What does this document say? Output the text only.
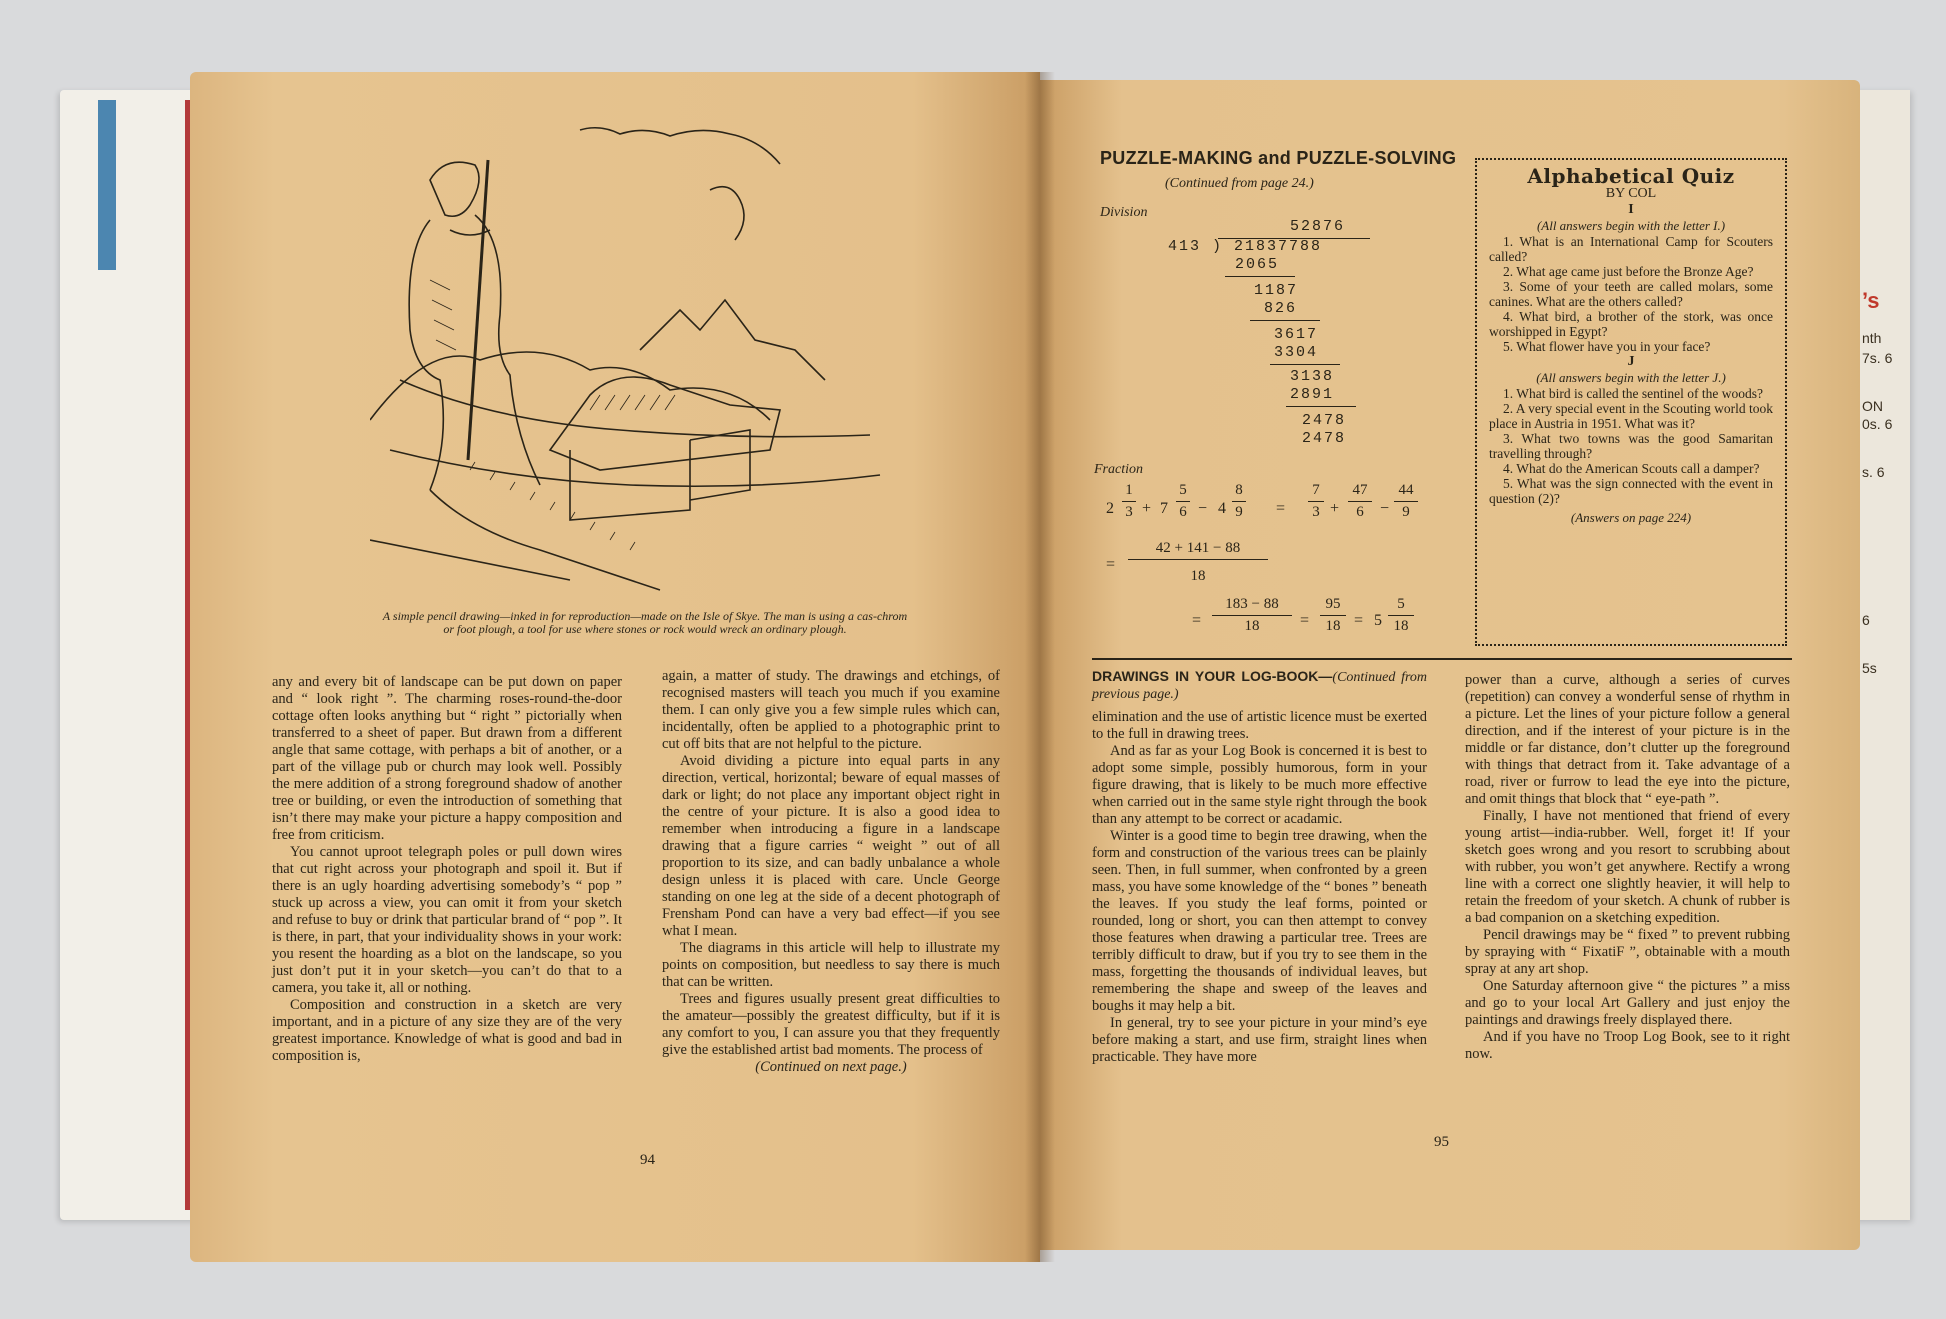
’s
nth
7s. 6
ON
0s. 6
s. 6
6
5s
A simple pencil drawing—inked in for reproduction—made on the Isle of Skye. The man is using a cas-chrom or foot plough, a tool for use where stones or rock would wreck an ordinary plough.

any and every bit of landscape can be put down on paper and “ look right ”. The charming roses-round-the-door cottage often looks anything but “ right ” pictorially when transferred to a sheet of paper. But drawn from a different angle that same cottage, with perhaps a bit of another, or a part of the village pub or church may look well. Possibly the mere addition of a strong foreground shadow of another tree or building, or even the introduction of something that isn’t there may make your picture a happy composition and free from criticism.

You cannot uproot telegraph poles or pull down wires that cut right across your photograph and spoil it. But if there is an ugly hoarding advertising somebody’s “ pop ” stuck up across a view, you can omit it from your sketch and refuse to buy or drink that particular brand of “ pop ”. It is there, in part, that your individuality shows in your work: you resent the hoarding as a blot on the landscape, so you just don’t put it in your sketch—you can’t do that to a camera, you take it, all or nothing.

Composition and construction in a sketch are very important, and in a picture of any size they are of the very greatest importance. Knowledge of what is good and bad in composition is,

again, a matter of study. The drawings and etchings, of recognised masters will teach you much if you examine them. I can only give you a few simple rules which can, incidentally, often be applied to a photographic print to cut off bits that are not helpful to the picture.

Avoid dividing a picture into equal parts in any direction, vertical, horizontal; beware of equal masses of dark or light; do not place any important object right in the centre of your picture. It is also a good idea to remember when introducing a figure in a landscape drawing that a figure carries “ weight ” out of all proportion to its size, and can badly unbalance a whole design unless it is placed with care. Uncle George standing on one leg at the side of a decent photograph of Frensham Pond can have a very bad effect—if you see what I mean.

The diagrams in this article will help to illustrate my points on composition, but needless to say there is much that can be written.

Trees and figures usually present great difficulties to the amateur—possibly the greatest difficulty, but if it is any comfort to you, I can assure you that they frequently give the established artist bad moments. The process of

(Continued on next page.)

94
PUZZLE-MAKING and PUZZLE-SOLVING
(Continued from page 24.)
Division
52876
413 ) 21837788
2065
1187
826
3617
3304
3138
2891
2478
2478
Fraction
2
1
3 + 7
5
6 − 4
8
9 =
7
3 +
47
6	−
44
9
=
42 + 141 − 88
18
=
183 − 88
18	=
95
18 = 5
5
18
Alphabetical Quiz
BY COL
I
(All answers begin with the letter I.)

1. What is an International Camp for Scouters called?

2. What age came just before the Bronze Age?

3. Some of your teeth are called molars, some canines. What are the others called?

4. What bird, a brother of the stork, was once worshipped in Egypt?

5. What flower have you in your face?

J
(All answers begin with the letter J.)

1. What bird is called the sentinel of the woods?

2. A very special event in the Scouting world took place in Austria in 1951. What was it?

3. What two towns was the good Samaritan travelling through?

4. What do the American Scouts call a damper?

5. What was the sign connected with the event in question (2)?

(Answers on page 224)
DRAWINGS IN YOUR LOG-BOOK—(Continued from previous page.)

elimination and the use of artistic licence must be exerted to the full in drawing trees.

And as far as your Log Book is concerned it is best to adopt some simple, possibly humorous, form in your figure drawing, that is likely to be much more effective when carried out in the same style right through the book than any attempt to be correct or acadamic.

Winter is a good time to begin tree drawing, when the form and construction of the various trees can be plainly seen. Then, in full summer, when confronted by a green mass, you have some knowledge of the “ bones ” beneath the leaves. If you study the leaf forms, pointed or rounded, long or short, you can then attempt to convey those features when drawing a particular tree. Trees are terribly difficult to draw, but if you try to see them in the mass, forgetting the thousands of individual leaves, but remembering the shape and sweep of the leaves and boughs it may help a bit.

In general, try to see your picture in your mind’s eye before making a start, and use firm, straight lines when practicable. They have more

power than a curve, although a series of curves (repetition) can convey a wonderful sense of rhythm in a picture. Let the lines of your picture follow a general direction, and if the interest of your picture is in the middle or far distance, don’t clutter up the foreground with things that detract from it. Take advantage of a road, river or furrow to lead the eye into the picture, and omit things that block that “ eye-path ”.

Finally, I have not mentioned that friend of every young artist—india-rubber. Well, forget it! If your sketch goes wrong and you resort to scrubbing about with rubber, you won’t get anywhere. Rectify a wrong line with a correct one slightly heavier, it will help to retain the freedom of your sketch. A chunk of rubber is a bad companion on a sketching expedition.

Pencil drawings may be “ fixed ” to prevent rubbing by spraying with “ FixatiF ”, obtainable with a mouth spray at any art shop.

One Saturday afternoon give “ the pictures ” a miss and go to your local Art Gallery and just enjoy the paintings and drawings freely displayed there.

And if you have no Troop Log Book, see to it right now.

95
